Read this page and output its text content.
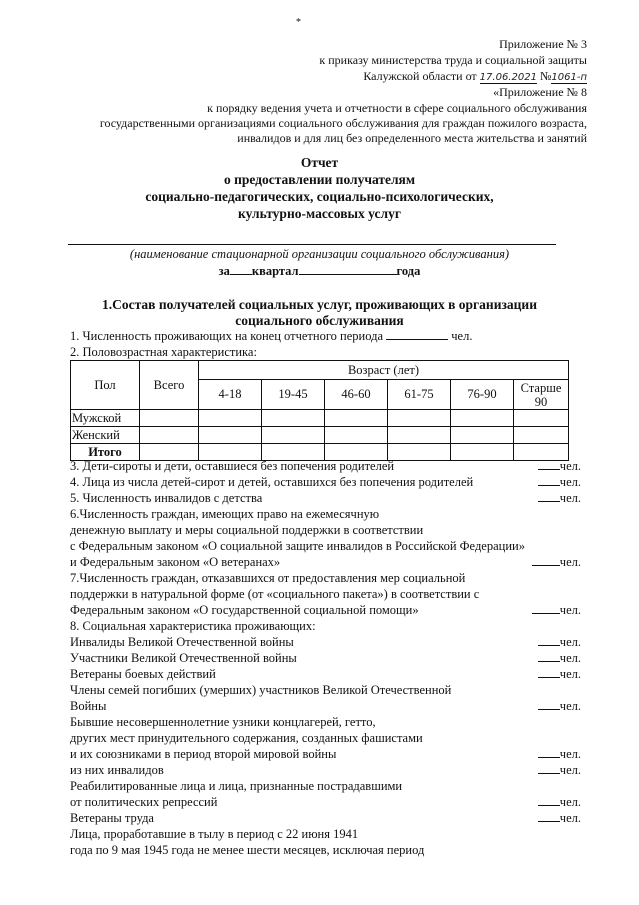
*
Приложение № 3
к приказу министерства труда и социальной защиты
Калужской области от 17.06.2021 №1061-п
«Приложение № 8
к порядку ведения учета и отчетности в сфере социального обслуживания
государственными организациями социального обслуживания для граждан пожилого возраста,
инвалидов и для лиц без определенного места жительства и занятий
Отчет
о предоставлении получателям
социально-педагогических, социально-психологических,
культурно-массовых услуг
(наименование стационарной организации социального обслуживания)
за квартал	года
1.Состав получателей социальных услуг, проживающих в организации
социального обслуживания
1. Численность проживающих на конец отчетного периода	чел.
2. Половозрастная характеристика:
Пол	Всего	Возраст (лет)					
		4-18	19-45	46-60	61-75	76-90	Старше 90
Мужской							
Женский							
Итого							
3. Дети-сироты и дети, оставшиеся без попечения родителей	чел.
4. Лица из числа детей-сирот и детей, оставшихся без попечения родителей	чел.
5. Численность инвалидов с детства	чел.
6.Численность граждан, имеющих право на ежемесячную
денежную выплату и меры социальной поддержки в соответствии
с Федеральным законом «О социальной защите инвалидов в Российской Федерации»
и Федеральным законом «О ветеранах»	чел.
7.Численность граждан, отказавшихся от предоставления мер социальной
поддержки в натуральной форме (от «социального пакета») в соответствии с
Федеральным законом «О государственной социальной помощи»	чел.
8. Социальная характеристика проживающих:
Инвалиды Великой Отечественной войны	чел.
Участники Великой Отечественной войны	чел.
Ветераны боевых действий	чел.
Члены семей погибших (умерших) участников Великой Отечественной
Войны	чел.
Бывшие несовершеннолетние узники концлагерей, гетто,
других мест принудительного содержания, созданных фашистами
и их союзниками в период второй мировой войны	чел.
из них инвалидов	чел.
Реабилитированные лица и лица, признанные пострадавшими
от политических репрессий	чел.
Ветераны труда	чел.
Лица, проработавшие в тылу в период с 22 июня 1941
года по 9 мая 1945 года не менее шести месяцев, исключая период
